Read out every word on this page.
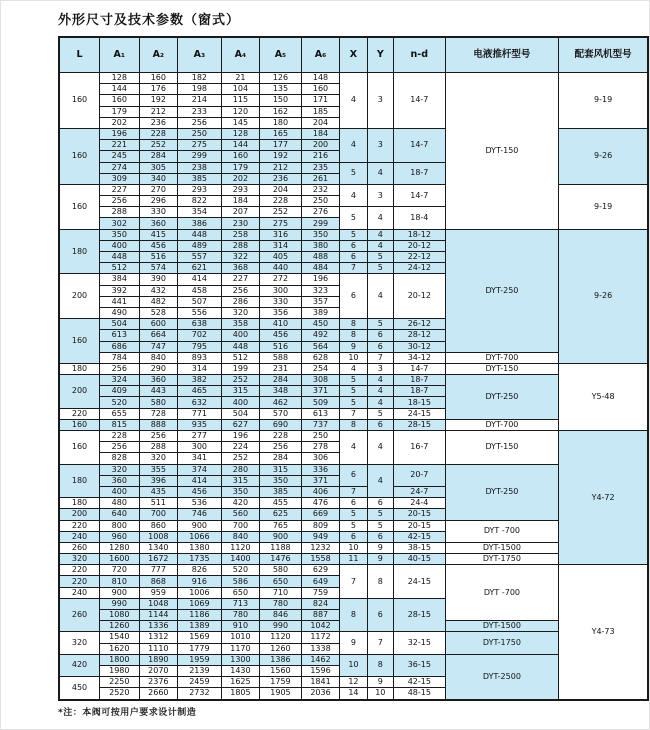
外形尺寸及技术参数（窗式）
L	A₁	A₂	A₃	A₄	A₅	A₆	X	Y	n-d	电液推杆型号	配套风机型号
160	128	160	182	21	126	148	4	3	14-7	DYT-150	9-19
	144	176	198	104	135	160					
	160	192	214	115	150	171					
	179	212	233	120	162	185					
	202	236	256	145	180	204					
160	196	228	250	128	165	184	4	3	14-7		9-26
	221	252	275	144	177	200					
	245	284	299	160	192	216					
	274	305	238	179	212	235	5	4	18-7		
	309	340	385	202	236	261					
160	227	270	293	293	204	232	4	3	14-7		9-19
	256	296	822	184	228	250					
	288	330	354	207	252	276	5	4	18-4		
	302	360	386	230	275	299					
180	350	415	448	258	316	350	5	4	18-12	DYT-250	9-26
	400	456	489	288	314	380	6	4	20-12		
	448	516	557	322	405	488	6	5	22-12		
	512	574	621	368	440	484	7	5	24-12		
200	384	390	414	227	272	196	6	4	20-12		
	392	432	458	256	300	323					
	441	482	507	286	330	357					
	490	528	556	320	356	389					
160	504	600	638	358	410	450	8	5	26-12		
	613	664	702	400	456	492	8	6	28-12		
	686	747	795	448	516	564	9	6	30-12		
	784	840	893	512	588	628	10	7	34-12	DYT-700	
180	256	290	314	199	231	254	4	3	14-7	DYT-150	Y5-48
200	324	360	382	252	284	308	5	4	18-7	DYT-250	
	409	443	465	315	348	371	5	4	18-7		
	520	580	632	400	462	509	5	4	18-15		
220	655	728	771	504	570	613	7	5	24-15		
160	815	888	935	627	690	737	8	6	28-15	DYT-700	
160	228	256	277	196	228	250	4	4	16-7	DYT-150	Y4-72
	256	288	300	224	256	278					
	828	320	341	252	284	306					
180	320	355	374	280	315	336	6	4	20-7	DYT-250	
	360	396	414	315	350	371					
	400	435	456	350	385	406	7		24-7		
180	480	511	536	420	455	476	6	6	24-4		
200	640	700	746	560	625	669	5	5	20-15		
220	800	860	900	700	765	809	5	5	20-15	DYT -700	
240	960	1008	1066	840	900	949	6	6	42-15		
260	1280	1340	1380	1120	1188	1232	10	9	38-15	DYT-1500	
320	1600	1672	1735	1400	1476	1558	11	9	40-15	DYT-1750	
220	720	777	826	520	580	629	7	8	24-15	DYT -700	Y4-73
220	810	868	916	586	650	649					
240	900	959	1006	650	710	759					
260	990	1048	1069	713	780	824	8	6	28-15		
	1080	1144	1186	780	846	887					
	1260	1336	1389	910	990	1042				DYT-1500	
320	1540	1312	1569	1010	1120	1172	9	7	32-15	DYT-1750	
	1620	1110	1779	1170	1260	1338					
420	1800	1890	1959	1300	1386	1462	10	8	36-15	DYT-2500	
	1980	2070	2139	1430	1560	1596					
450	2250	2376	2459	1625	1759	1841	12	9	42-15		
	2520	2660	2732	1805	1905	2036	14	10	48-15		
*注：本阀可按用户要求设计制造
